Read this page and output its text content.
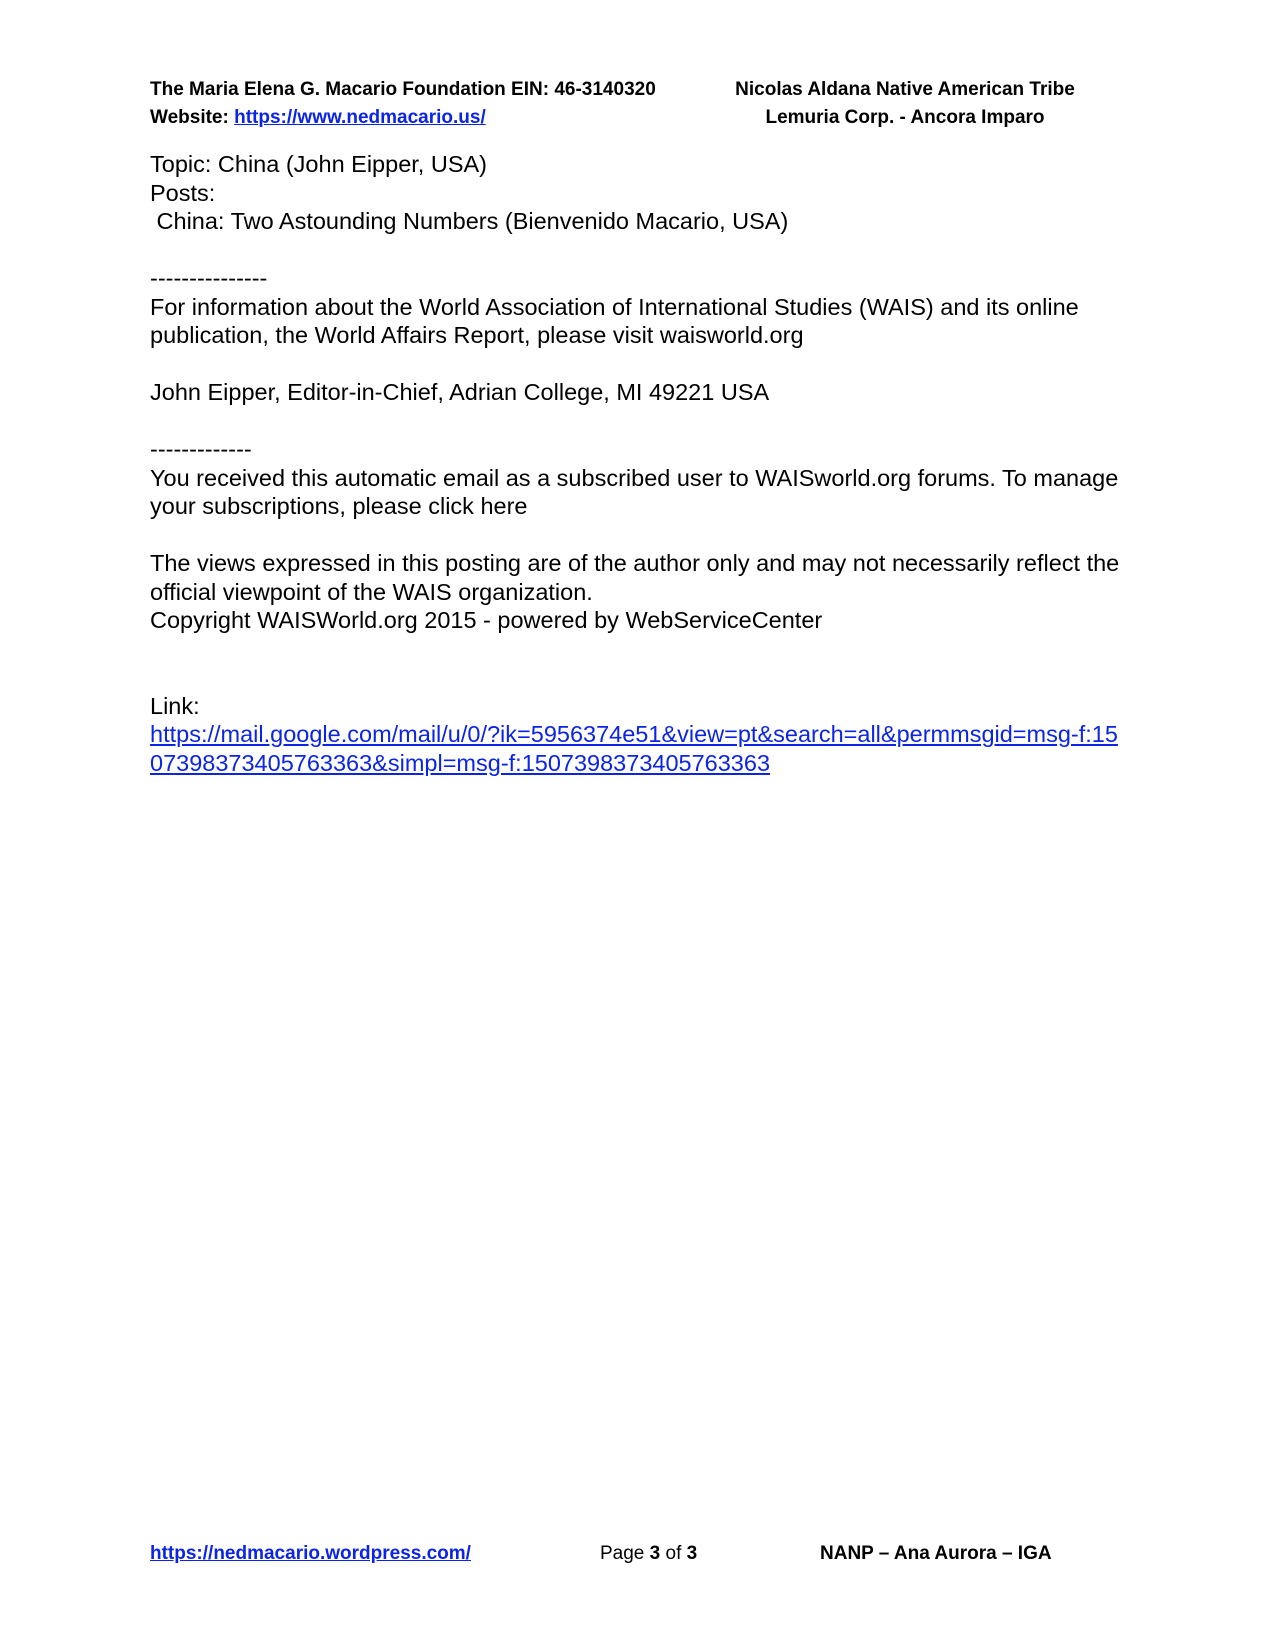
The Maria Elena G. Macario Foundation EIN: 46-3140320
Website: https://www.nedmacario.us/
Nicolas Aldana Native American Tribe
Lemuria Corp. - Ancora Imparo

Topic: China (John Eipper, USA)

Posts:

China: Two Astounding Numbers (Bienvenido Macario, USA)

---------------

For information about the World Association of International Studies (WAIS) and its online publication, the World Affairs Report, please visit waisworld.org

John Eipper, Editor-in-Chief, Adrian College, MI 49221 USA

-------------

You received this automatic email as a subscribed user to WAISworld.org forums. To manage your subscriptions, please click here

The views expressed in this posting are of the author only and may not necessarily reflect the official viewpoint of the WAIS organization.

Copyright WAISWorld.org 2015 - powered by WebServiceCenter

Link:

https://mail.google.com/mail/u/0/?ik=5956374e51&view=pt&search=all&permmsgid=msg-f:1507398373405763363&simpl=msg-f:1507398373405763363
https://nedmacario.wordpress.com/	Page 3 of 3	NANP – Ana Aurora – IGA
